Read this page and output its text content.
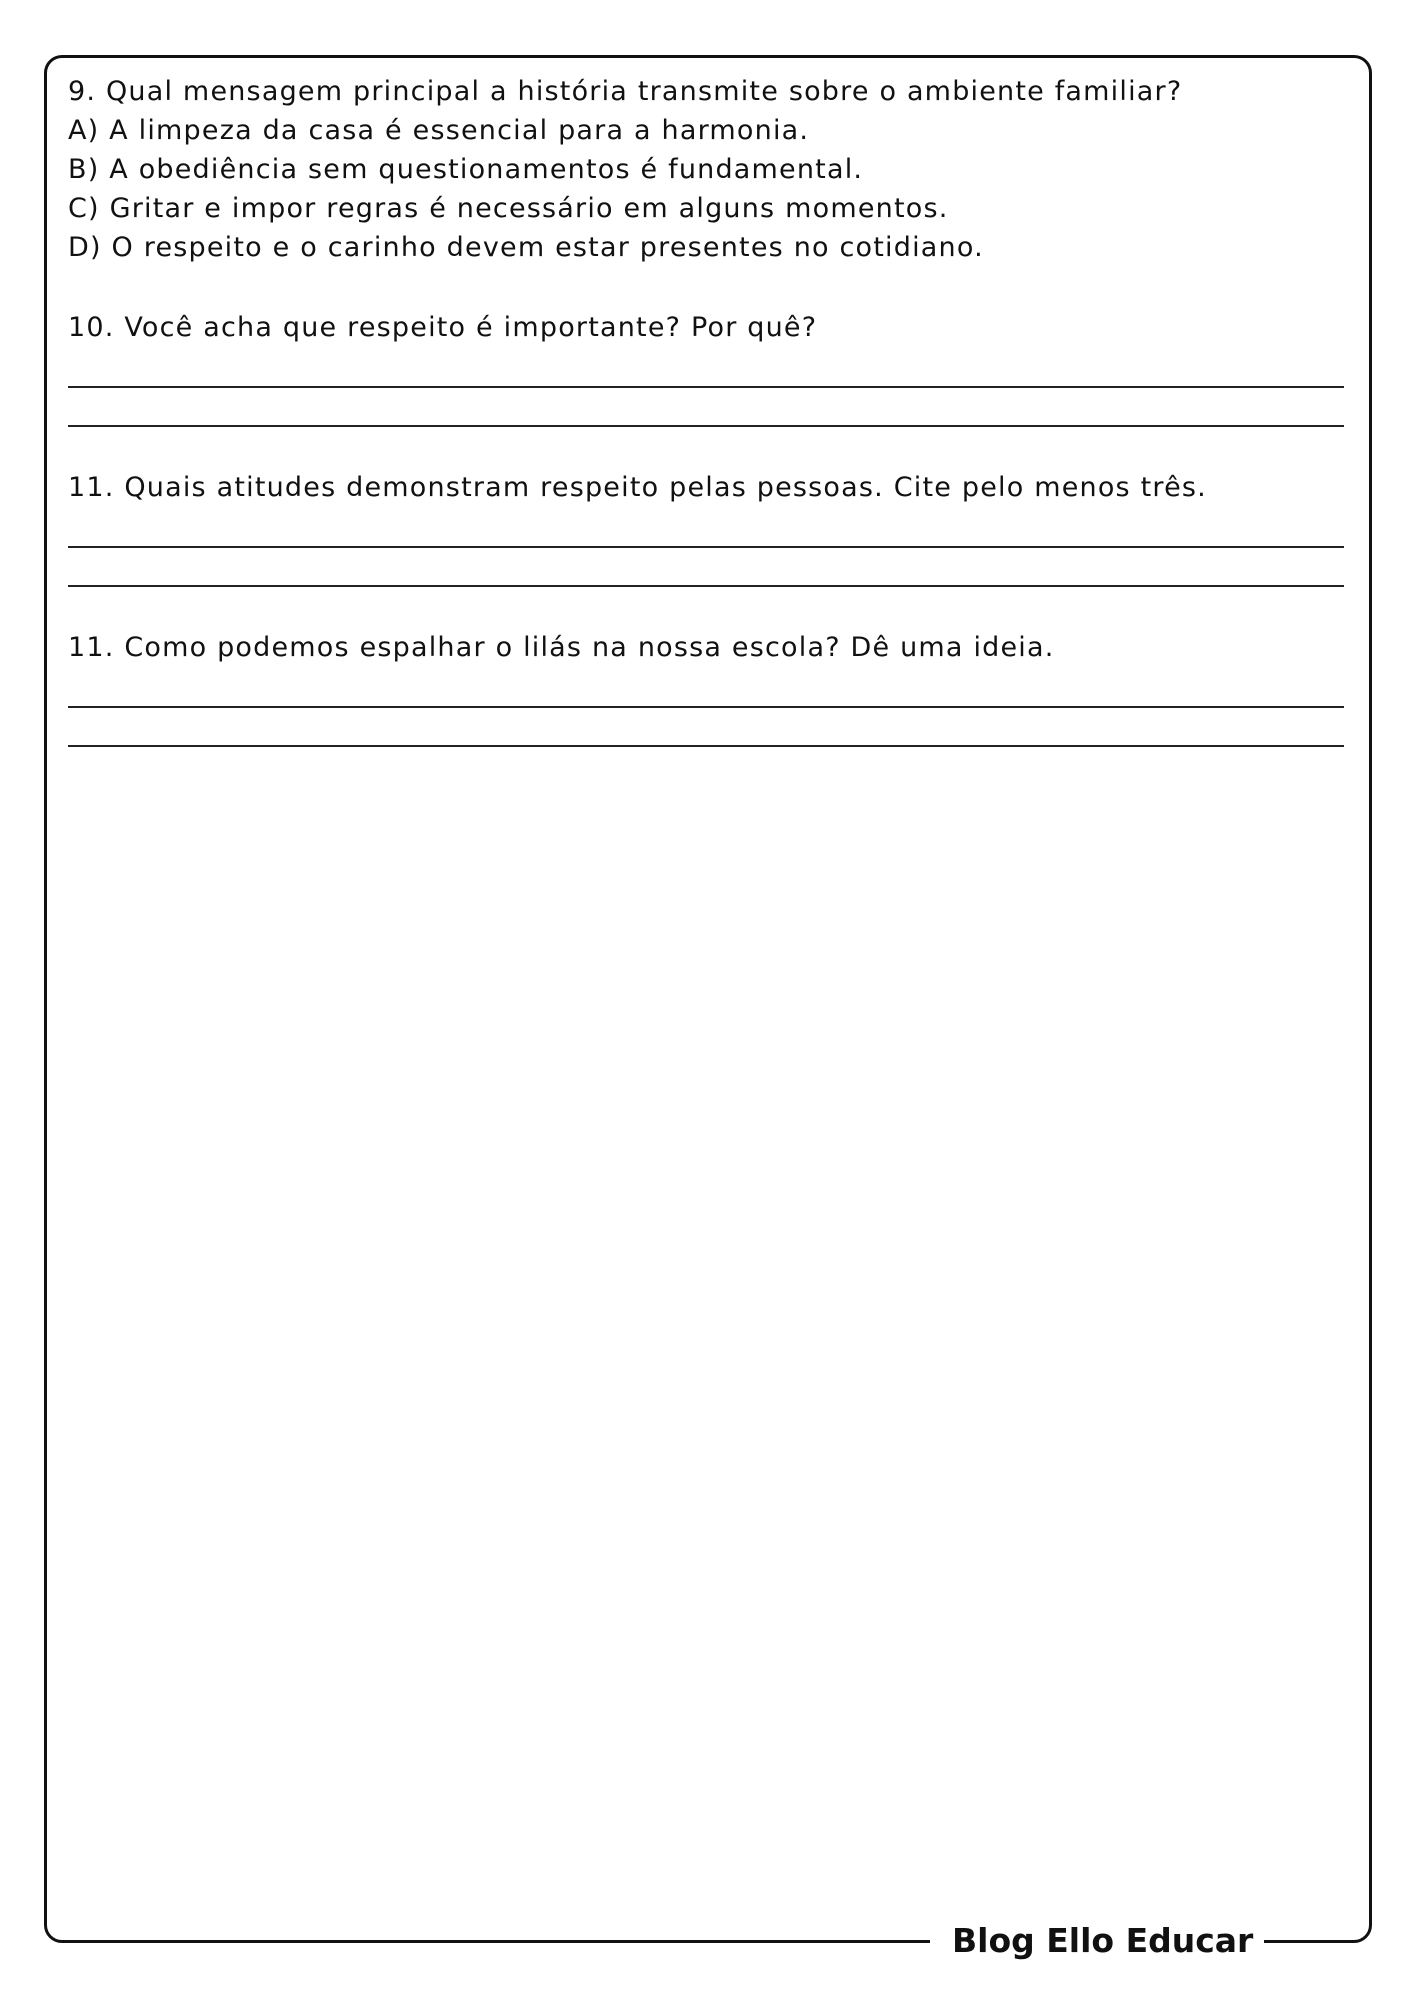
9. Qual mensagem principal a história transmite sobre o ambiente familiar?
A) A limpeza da casa é essencial para a harmonia.
B) A obediência sem questionamentos é fundamental.
C) Gritar e impor regras é necessário em alguns momentos.
D) O respeito e o carinho devem estar presentes no cotidiano.
10. Você acha que respeito é importante? Por quê?
11. Quais atitudes demonstram respeito pelas pessoas. Cite pelo menos três.
11. Como podemos espalhar o lilás na nossa escola? Dê uma ideia.
Blog Ello Educar
